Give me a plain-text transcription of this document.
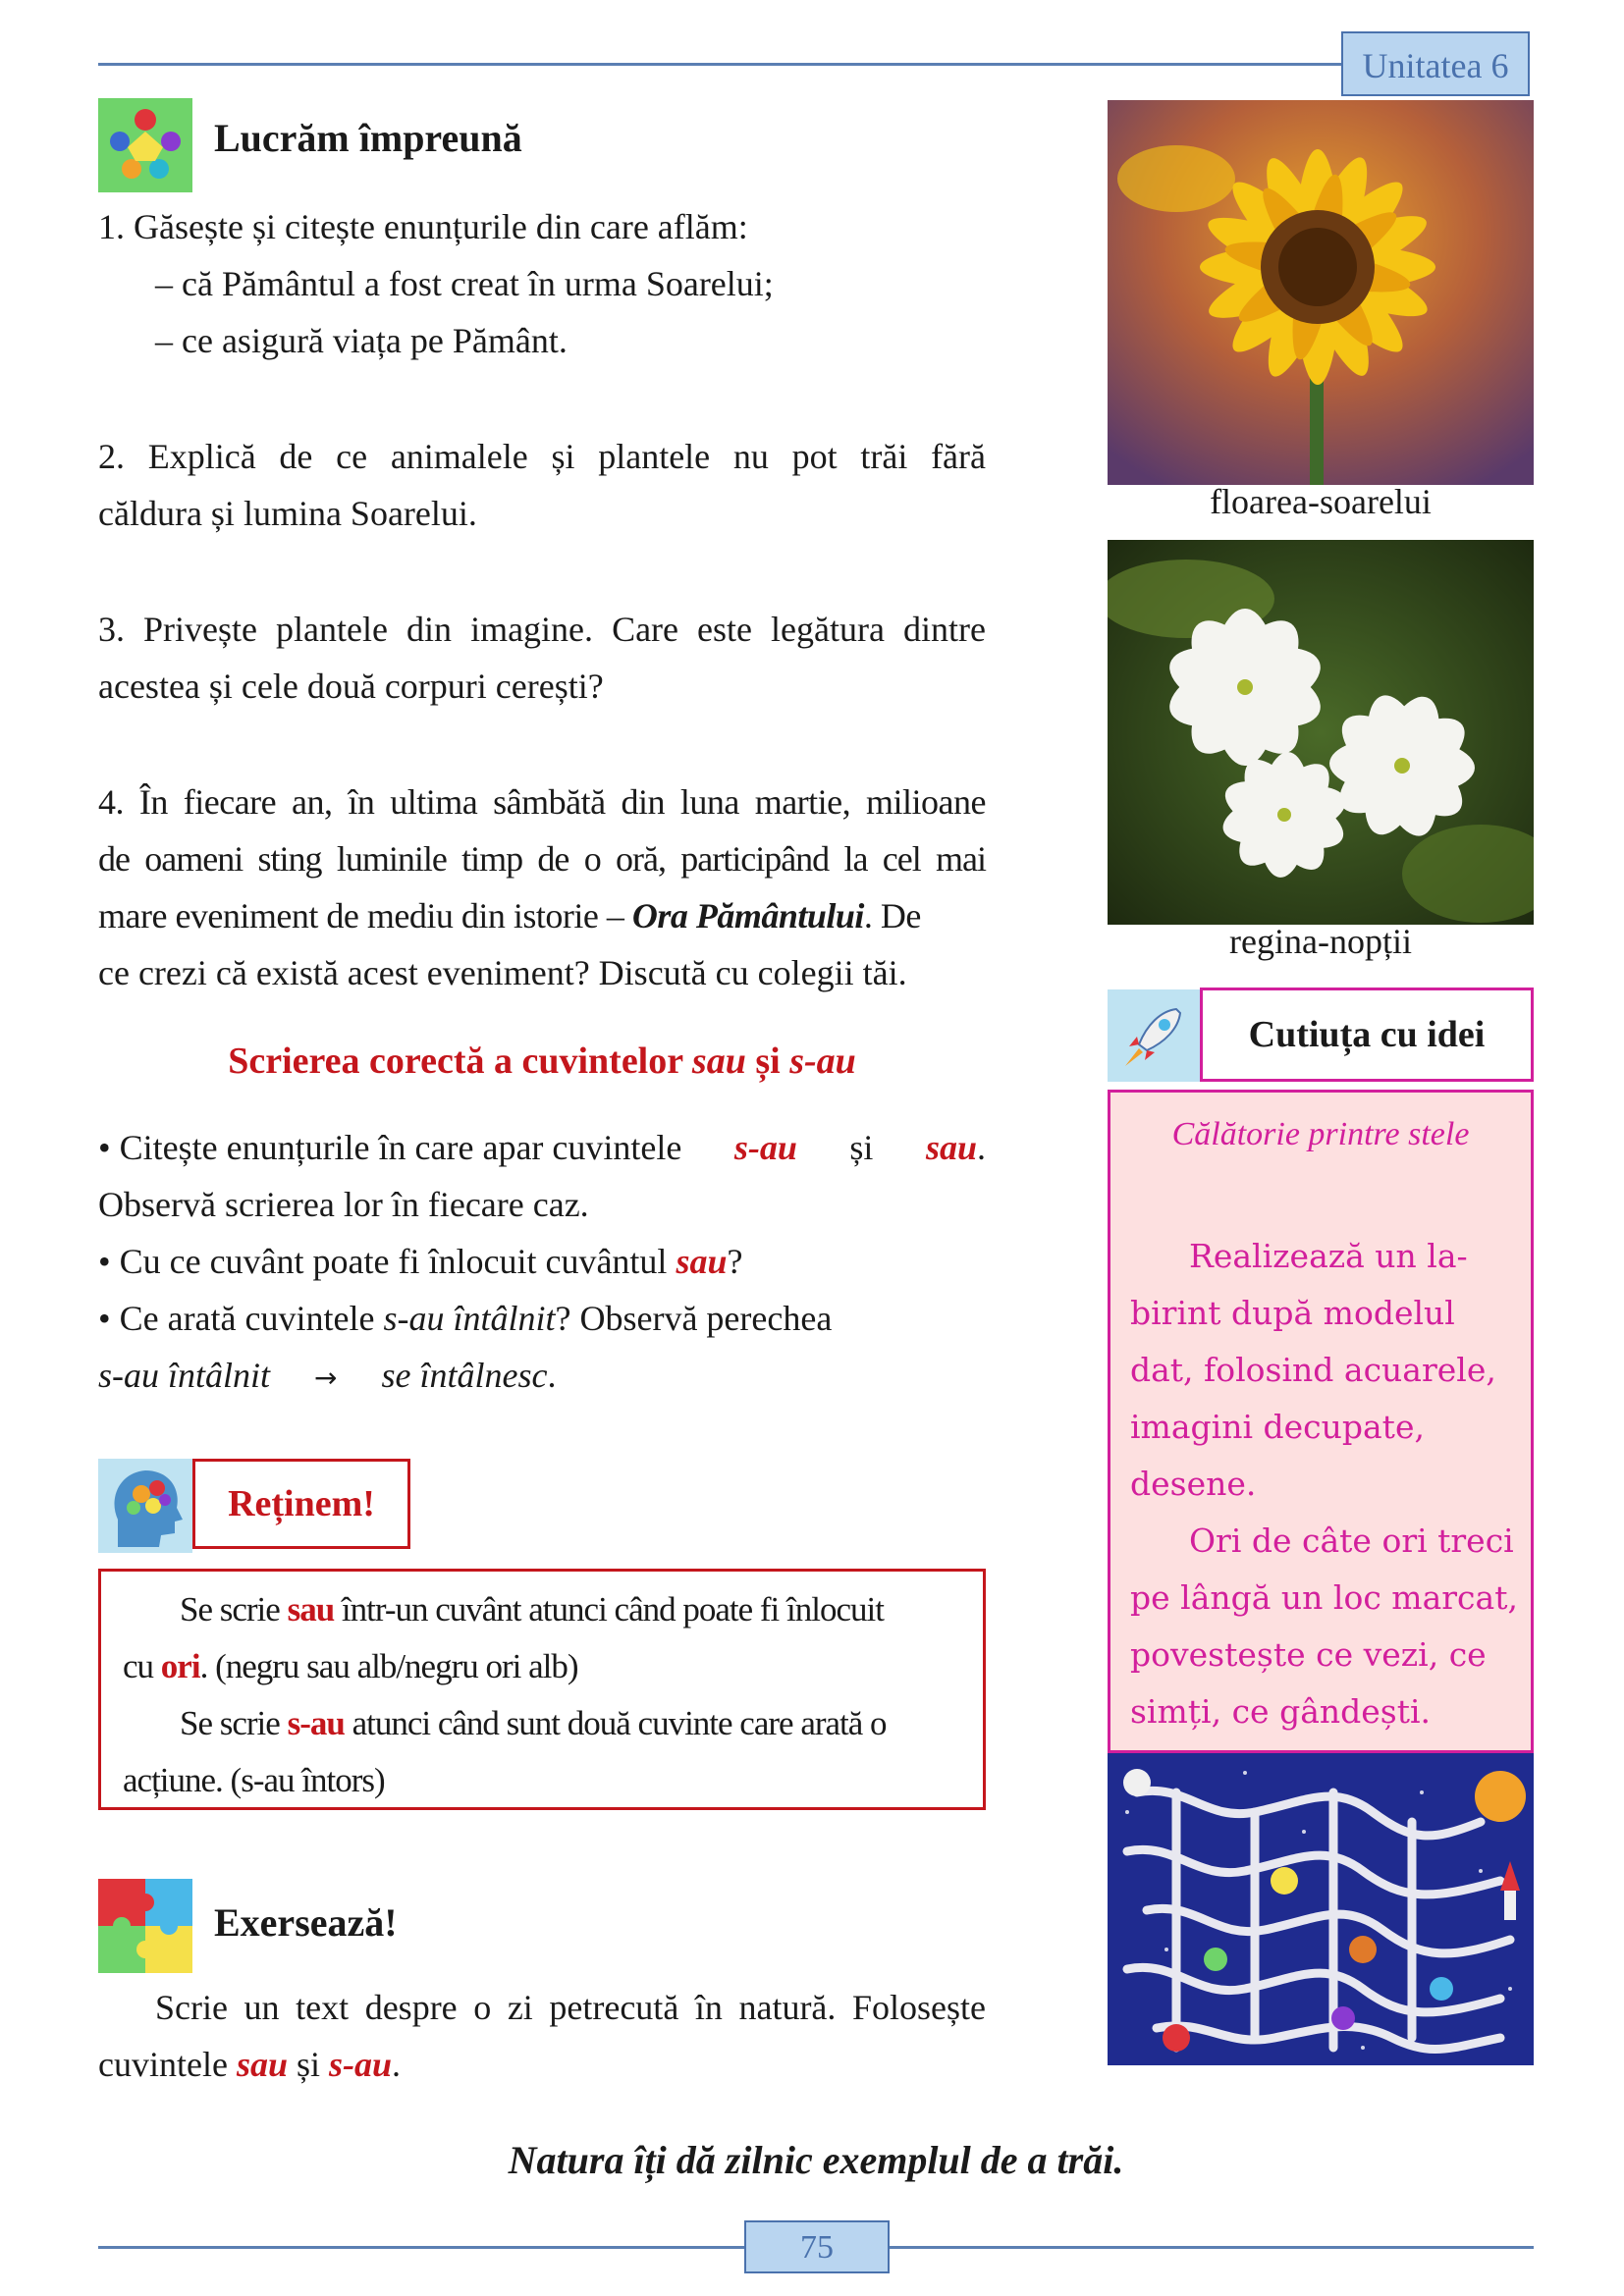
Unitatea 6
Lucrăm împreună
1. Găsește și citește enunțurile din care aflăm:
– că Pământul a fost creat în urma Soarelui;
– ce asigură viața pe Pământ.
2. Explică de ce animalele și plantele nu pot trăi fără
căldura și lumina Soarelui.
3. Privește plantele din imagine. Care este legătura dintre
acestea și cele două corpuri cerești?
4. În fiecare an, în ultima sâmbătă din luna martie, milioane
de oameni sting luminile timp de o oră, participând la cel mai
mare eveniment de mediu din istorie – Ora Pământului. De
ce crezi că există acest eveniment? Discută cu colegii tăi.
Scrierea corectă a cuvintelor sau și s-au
• Citește enunțurile în care apar cuvintele s-au și sau.
Observă scrierea lor în fiecare caz.
• Cu ce cuvânt poate fi înlocuit cuvântul sau?
• Ce arată cuvintele s-au întâlnit? Observă perechea
s-au întâlnit → se întâlnesc.
Reținem!
Se scrie sau într-un cuvânt atunci când poate fi înlocuit
cu ori. (negru sau alb/negru ori alb)
Se scrie s-au atunci când sunt două cuvinte care arată o
acțiune. (s-au întors)
Exersează!
Scrie un text despre o zi petrecută în natură. Folosește
cuvintele sau și s-au.
floarea-soarelui
regina-nopții
Cutiuța cu idei
Călătorie printre stele
Realizează un la-
birint după modelul
dat, folosind acuarele,
imagini decupate,
desene.
Ori de câte ori treci
pe lângă un loc marcat,
povestește ce vezi, ce
simți, ce gândești.
Natura îți dă zilnic exemplul de a trăi.
75
